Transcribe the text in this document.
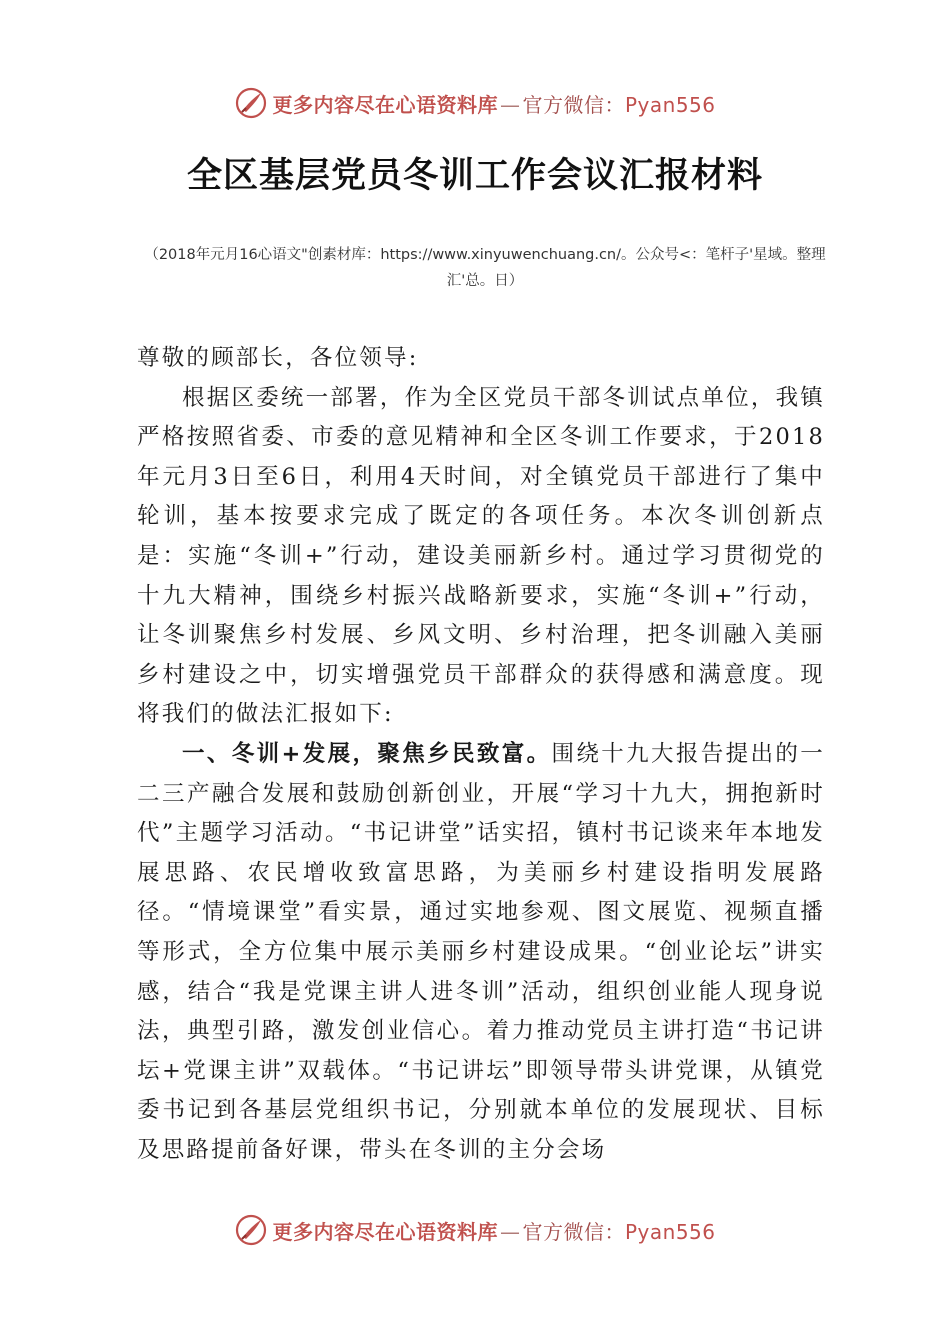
更多内容尽在心语资料库 — 官方微信：Pyan556
全区基层党员冬训工作会议汇报材料

（2018年元月16心语文"创素材库：https://www.xinyuwenchuang.cn/。公众号<：笔杆子'星域。整理汇'总。日）

尊敬的顾部长，各位领导:

根据区委统一部署，作为全区党员干部冬训试点单位，我镇严格按照省委、市委的意见精神和全区冬训工作要求，于2018年元月3日至6日，利用4天时间，对全镇党员干部进行了集中轮训，基本按要求完成了既定的各项任务。本次冬训创新点是：实施“冬训+”行动，建设美丽新乡村。通过学习贯彻党的十九大精神，围绕乡村振兴战略新要求，实施“冬训+”行动，让冬训聚焦乡村发展、乡风文明、乡村治理，把冬训融入美丽乡村建设之中，切实增强党员干部群众的获得感和满意度。现将我们的做法汇报如下:

一、冬训+发展，聚焦乡民致富。围绕十九大报告提出的一二三产融合发展和鼓励创新创业，开展“学习十九大，拥抱新时代”主题学习活动。“书记讲堂”话实招，镇村书记谈来年本地发展思路、农民增收致富思路，为美丽乡村建设指明发展路径。“情境课堂”看实景，通过实地参观、图文展览、视频直播等形式，全方位集中展示美丽乡村建设成果。“创业论坛”讲实感，结合“我是党课主讲人进冬训”活动，组织创业能人现身说法，典型引路，激发创业信心。着力推动党员主讲打造“书记讲坛+党课主讲”双载体。“书记讲坛”即领导带头讲党课，从镇党委书记到各基层党组织书记，分别就本单位的发展现状、目标及思路提前备好课，带头在冬训的主分会场

更多内容尽在心语资料库 — 官方微信：Pyan556
